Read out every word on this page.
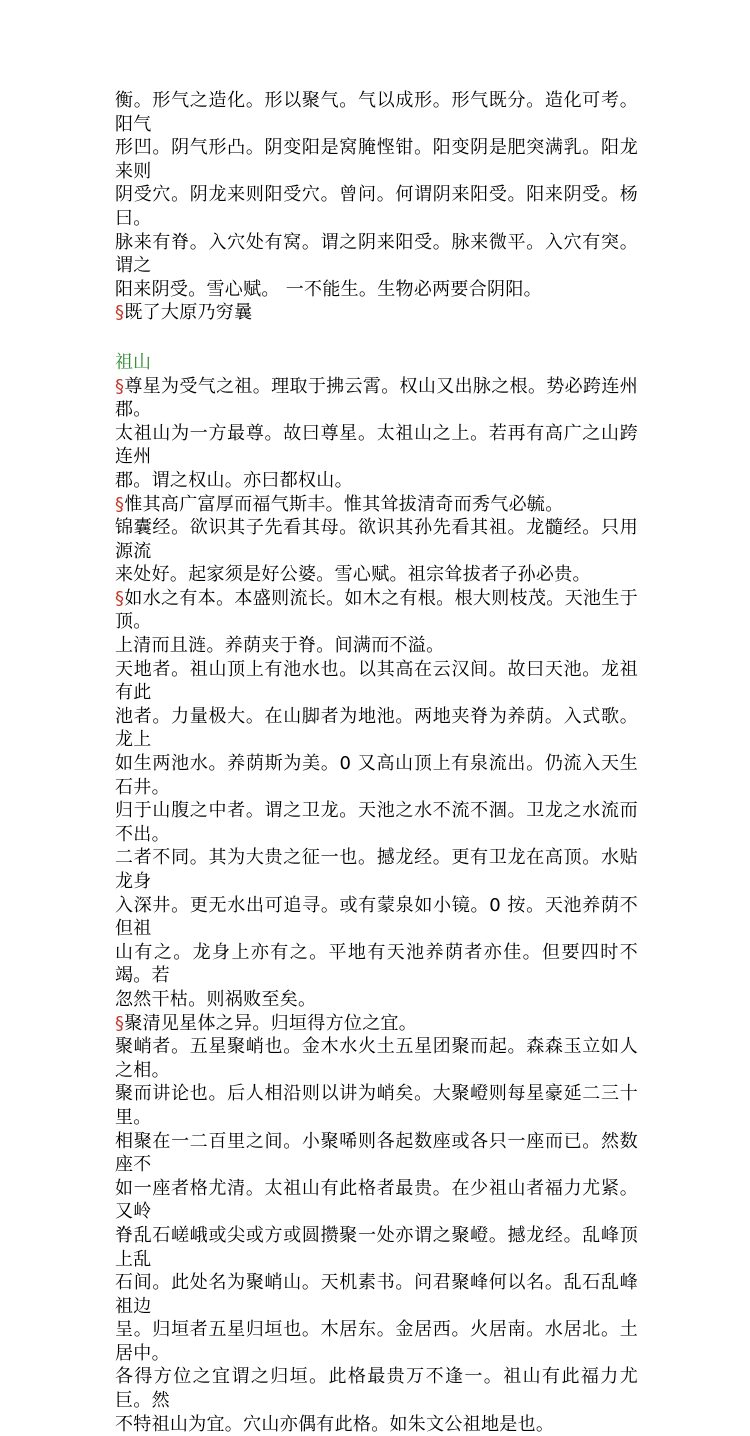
衡。形气之造化。形以聚气。气以成形。形气既分。造化可考。阳气

形凹。阴气形凸。阴变阳是窝腌悭钳。阳变阴是肥突满乳。阳龙来则

阴受穴。阴龙来则阳受穴。曾问。何谓阴来阳受。阳来阴受。杨曰。

脉来有脊。入穴处有窝。谓之阴来阳受。脉来微平。入穴有突。谓之

阳来阴受。雪心赋。 一不能生。生物必两要合阴阳。

§既了大原乃穷曩

祖山

§尊星为受气之祖。理取于拂云霄。权山又出脉之根。势必跨连州郡。

太祖山为一方最尊。故曰尊星。太祖山之上。若再有高广之山跨连州

郡。谓之权山。亦曰都权山。

§惟其高广富厚而福气斯丰。惟其耸拔清奇而秀气必毓。

锦囊经。欲识其子先看其母。欲识其孙先看其祖。龙髓经。只用源流

来处好。起家须是好公婆。雪心赋。祖宗耸拔者子孙必贵。

§如水之有本。本盛则流长。如木之有根。根大则枝茂。天池生于顶。

上清而且涟。养荫夹于脊。间满而不溢。

天地者。祖山顶上有池水也。以其高在云汉间。故曰天池。龙祖有此

池者。力量极大。在山脚者为地池。两地夹脊为养荫。入式歌。龙上

如生两池水。养荫斯为美。0 又高山顶上有泉流出。仍流入天生石井。

归于山腹之中者。谓之卫龙。天池之水不流不涸。卫龙之水流而不出。

二者不同。其为大贵之征一也。撼龙经。更有卫龙在高顶。水贴龙身

入深井。更无水出可追寻。或有蒙泉如小镜。0 按。天池养荫不但祖

山有之。龙身上亦有之。平地有天池养荫者亦佳。但要四时不竭。若

忽然干枯。则祸败至矣。

§聚清见星体之异。归垣得方位之宜。

聚峭者。五星聚峭也。金木水火土五星团聚而起。森森玉立如人之相。

聚而讲论也。后人相沿则以讲为峭矣。大聚嶝则每星豪延二三十里。

相聚在一二百里之间。小聚唏则各起数座或各只一座而已。然数座不

如一座者格尤清。太祖山有此格者最贵。在少祖山者福力尤紧。又岭

脊乱石嵯峨或尖或方或圆攒聚一处亦谓之聚嶝。撼龙经。乱峰顶上乱

石间。此处名为聚峭山。天机素书。问君聚峰何以名。乱石乱峰祖边

呈。归垣者五星归垣也。木居东。金居西。火居南。水居北。土居中。

各得方位之宜谓之归垣。此格最贵万不逢一。祖山有此福力尤巨。然

不特祖山为宜。穴山亦偶有此格。如朱文公祖地是也。
